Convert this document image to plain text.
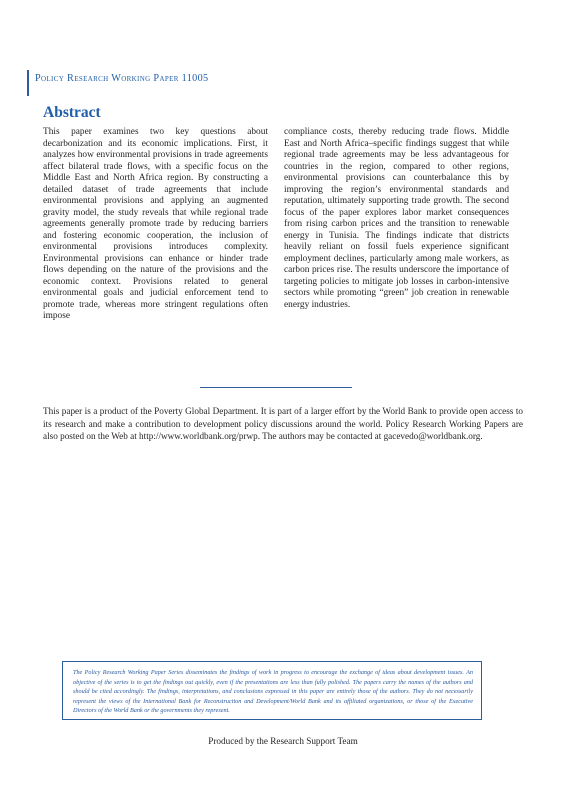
Policy Research Working Paper 11005
Abstract

This paper examines two key questions about decarbonization and its economic implications. First, it analyzes how environmental provisions in trade agreements affect bilateral trade flows, with a specific focus on the Middle East and North Africa region. By constructing a detailed dataset of trade agreements that include environmental provisions and applying an augmented gravity model, the study reveals that while regional trade agreements generally promote trade by reducing barriers and fostering economic cooperation, the inclusion of environmental provisions introduces complexity. Environmental provisions can enhance or hinder trade flows depending on the nature of the provisions and the economic context. Provisions related to general environmental goals and judicial enforcement tend to promote trade, whereas more stringent regulations often impose

compliance costs, thereby reducing trade flows. Middle East and North Africa–specific findings suggest that while regional trade agreements may be less advantageous for countries in the region, compared to other regions, environmental provisions can counterbalance this by improving the region’s environmental standards and reputation, ultimately supporting trade growth. The second focus of the paper explores labor market consequences from rising carbon prices and the transition to renewable energy in Tunisia. The findings indicate that districts heavily reliant on fossil fuels experience significant employment declines, particularly among male workers, as carbon prices rise. The results underscore the importance of targeting policies to mitigate job losses in carbon-intensive sectors while promoting “green” job creation in renewable energy industries.

This paper is a product of the Poverty Global Department. It is part of a larger effort by the World Bank to provide open access to its research and make a contribution to development policy discussions around the world. Policy Research Working Papers are also posted on the Web at http://www.worldbank.org/prwp. The authors may be contacted at gacevedo@worldbank.org.

The Policy Research Working Paper Series disseminates the findings of work in progress to encourage the exchange of ideas about development issues. An objective of the series is to get the findings out quickly, even if the presentations are less than fully polished. The papers carry the names of the authors and should be cited accordingly. The findings, interpretations, and conclusions expressed in this paper are entirely those of the authors. They do not necessarily represent the views of the International Bank for Reconstruction and Development/World Bank and its affiliated organizations, or those of the Executive Directors of the World Bank or the governments they represent.

Produced by the Research Support Team
